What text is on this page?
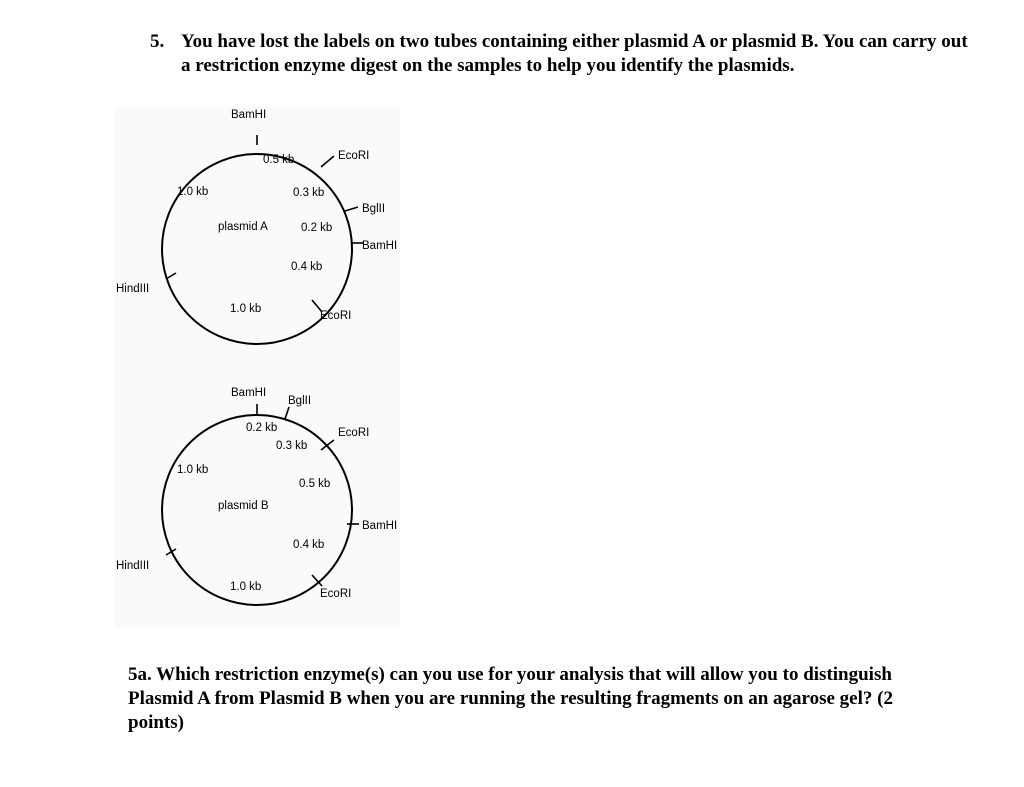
5. You have lost the labels on two tubes containing either plasmid A or plasmid B. You can carry out a restriction enzyme digest on the samples to help you identify the plasmids.
BamHI
EcoRI
BglII
BamHI
EcoRI
HindIII
0.5 kb
0.3 kb
0.2 kb
0.4 kb
1.0 kb
1.0 kb
plasmid A
BamHI
BglII
EcoRI
BamHI
EcoRI
HindIII
0.2 kb
0.3 kb
0.5 kb
0.4 kb
1.0 kb
1.0 kb
plasmid B
5a. Which restriction enzyme(s) can you use for your analysis that will allow you to distinguish Plasmid A from Plasmid B when you are running the resulting fragments on an agarose gel? (2 points)
